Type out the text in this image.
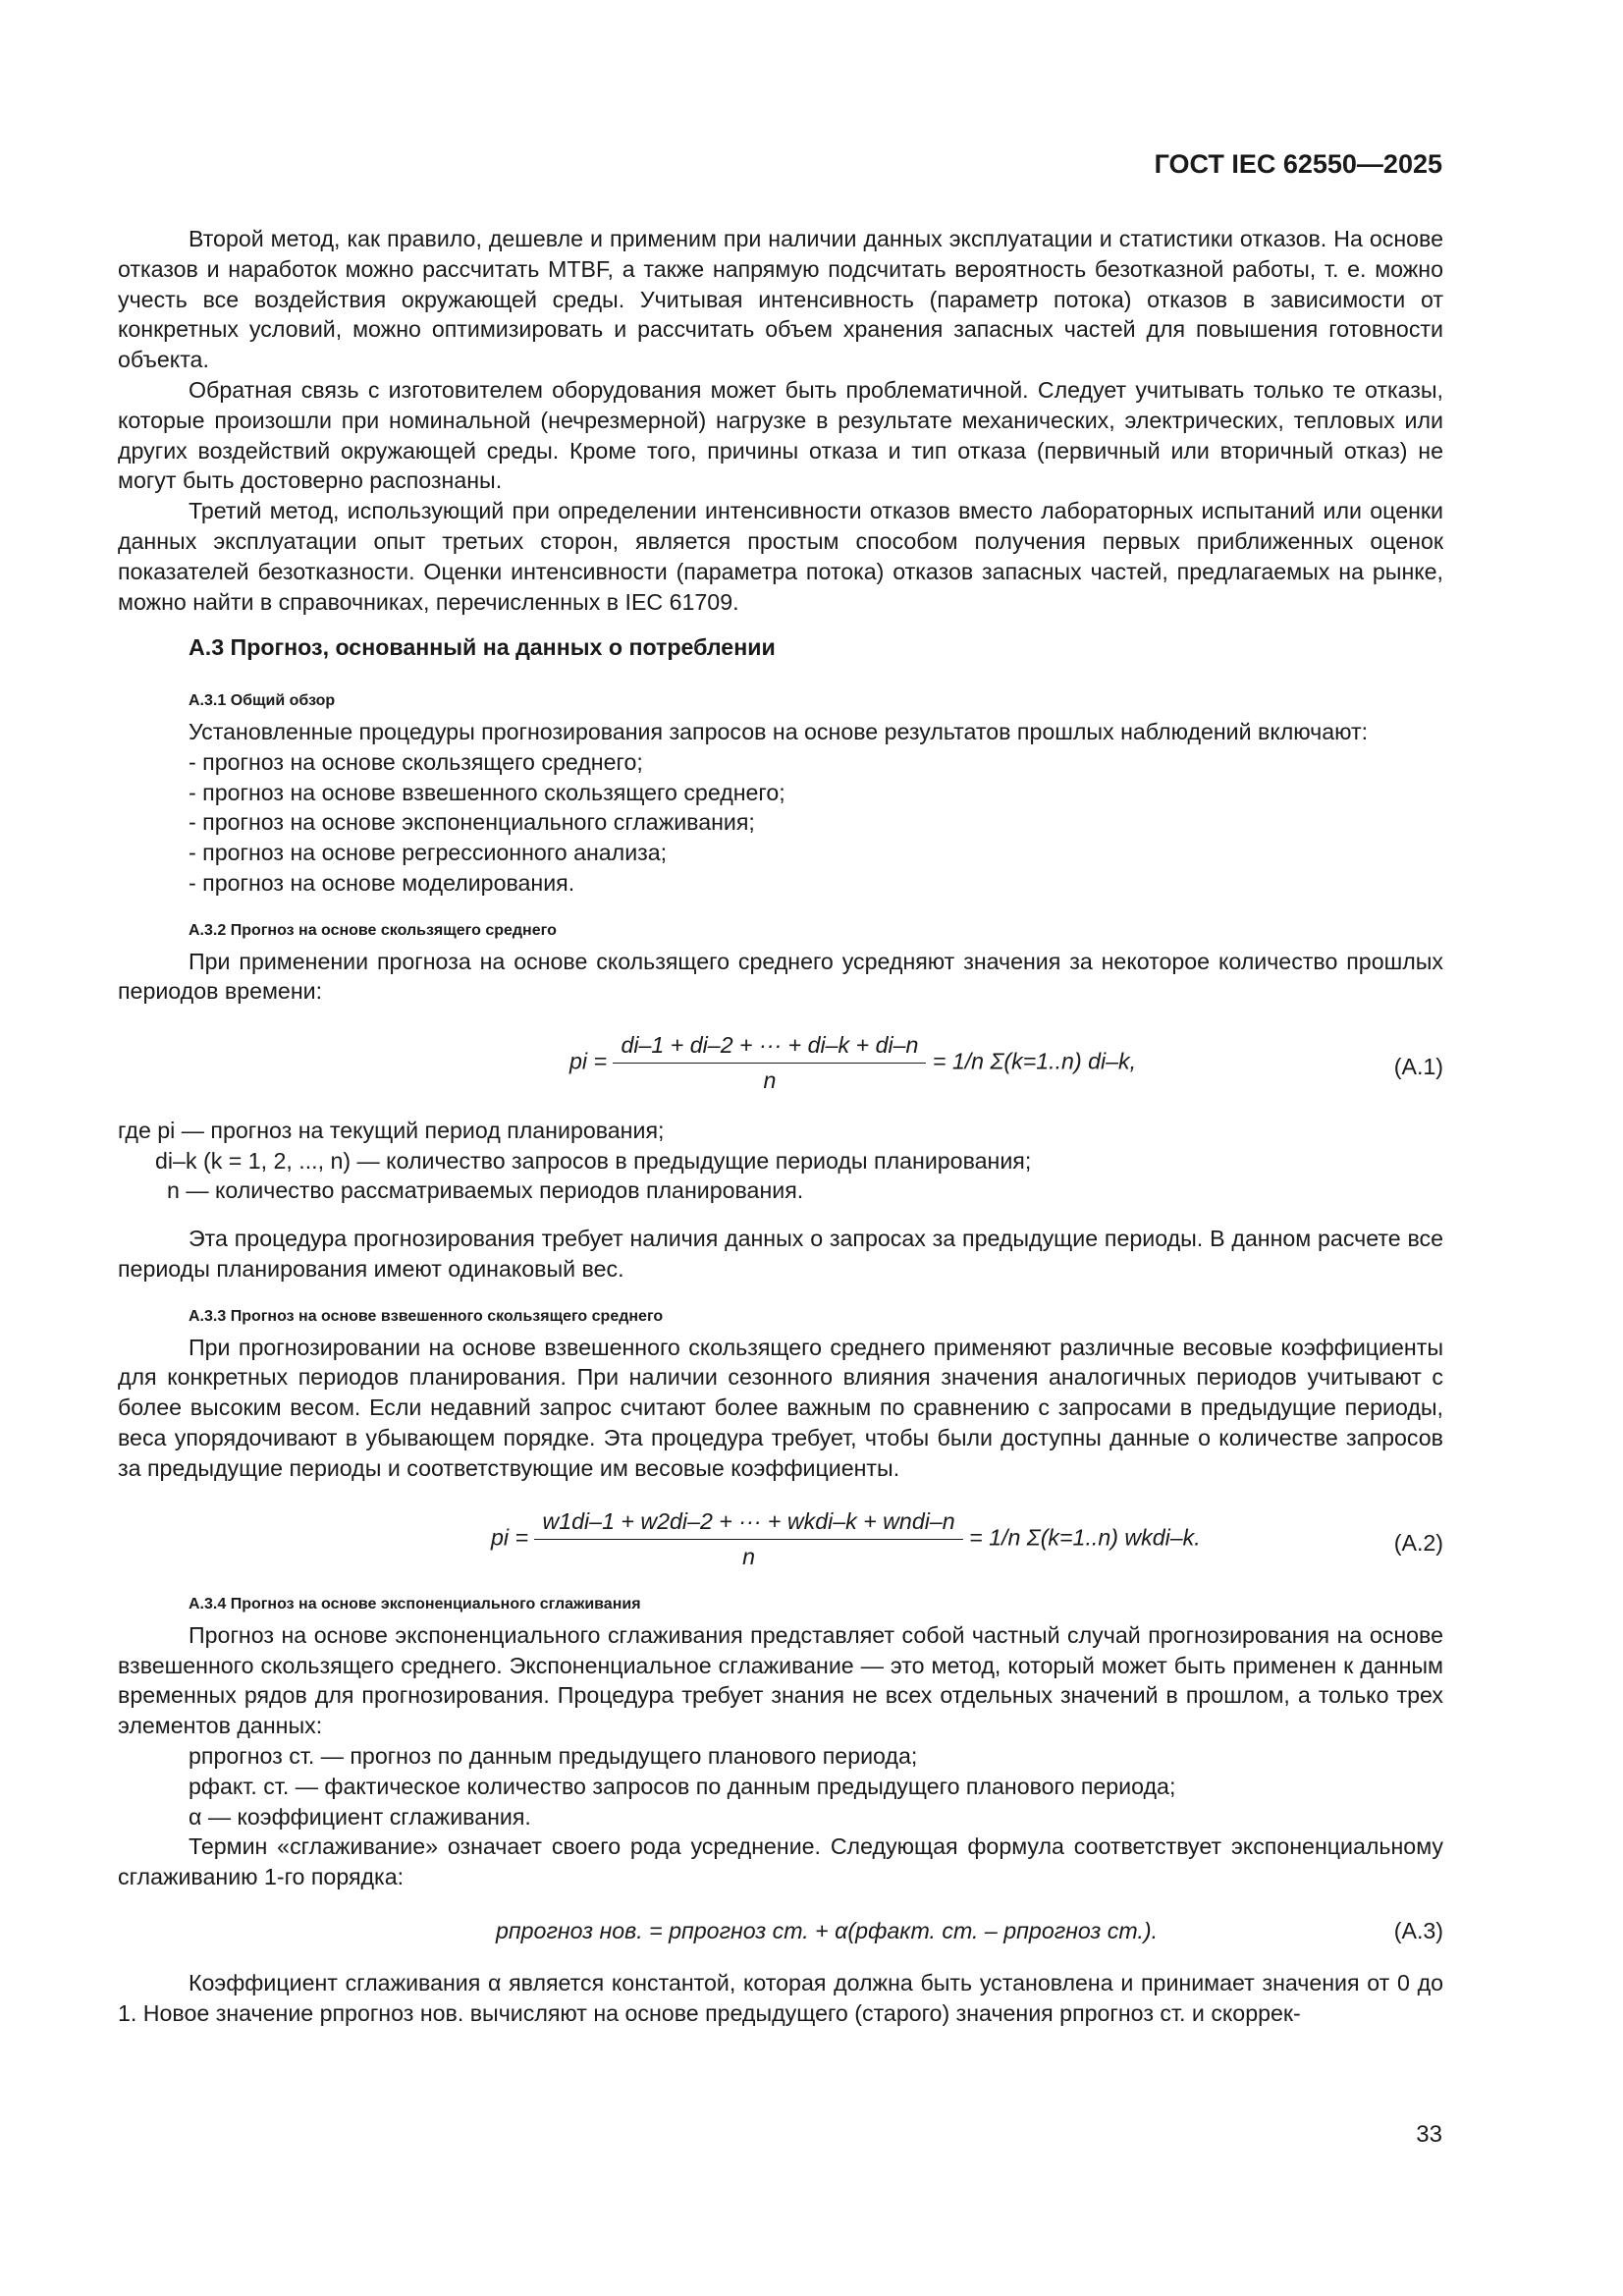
ГОСТ IEC 62550—2025

Второй метод, как правило, дешевле и применим при наличии данных эксплуатации и статистики отказов. На основе отказов и наработок можно рассчитать MTBF, а также напрямую подсчитать вероятность безотказной работы, т. е. можно учесть все воздействия окружающей среды. Учитывая интенсивность (параметр потока) отказов в зависимости от конкретных условий, можно оптимизировать и рассчитать объем хранения запасных частей для повышения готовности объекта.

Обратная связь с изготовителем оборудования может быть проблематичной. Следует учитывать только те отказы, которые произошли при номинальной (нечрезмерной) нагрузке в результате механических, электрических, тепловых или других воздействий окружающей среды. Кроме того, причины отказа и тип отказа (первичный или вторичный отказ) не могут быть достоверно распознаны.

Третий метод, использующий при определении интенсивности отказов вместо лабораторных испытаний или оценки данных эксплуатации опыт третьих сторон, является простым способом получения первых приближенных оценок показателей безотказности. Оценки интенсивности (параметра потока) отказов запасных частей, предлагаемых на рынке, можно найти в справочниках, перечисленных в IEC 61709.

А.3 Прогноз, основанный на данных о потреблении

А.3.1 Общий обзор

Установленные процедуры прогнозирования запросов на основе результатов прошлых наблюдений включают:

- прогноз на основе скользящего среднего;

- прогноз на основе взвешенного скользящего среднего;

- прогноз на основе экспоненциального сглаживания;

- прогноз на основе регрессионного анализа;

- прогноз на основе моделирования.

А.3.2 Прогноз на основе скользящего среднего

При применении прогноза на основе скользящего среднего усредняют значения за некоторое количество прошлых периодов времени:

pi = $\frac{di-1 + di-2 + \cdot\cdot\cdot + di-k + di-n}{n} = 1/n$ Σ(k=1..n) di–k,	(A.1)

где pi — прогноз на текущий период планирования;

di–k (k = 1, 2, ..., n) — количество запросов в предыдущие периоды планирования;

n — количество рассматриваемых периодов планирования.

Эта процедура прогнозирования требует наличия данных о запросах за предыдущие периоды. В данном расчете все периоды планирования имеют одинаковый вес.

А.3.3 Прогноз на основе взвешенного скользящего среднего

При прогнозировании на основе взвешенного скользящего среднего применяют различные весовые коэффициенты для конкретных периодов планирования. При наличии сезонного влияния значения аналогичных периодов учитывают с более высоким весом. Если недавний запрос считают более важным по сравнению с запросами в предыдущие периоды, веса упорядочивают в убывающем порядке. Эта процедура требует, чтобы были доступны данные о количестве запросов за предыдущие периоды и соответствующие им весовые коэффициенты.

pi = $\frac{\text{w1di–1 + w2di–2 + ··· + wkdi–k + wndi–n}}{n} = 1/n$ Σ(k=1..n) wkdi–k.	(A.2)

А.3.4 Прогноз на основе экспоненциального сглаживания

Прогноз на основе экспоненциального сглаживания представляет собой частный случай прогнозирования на основе взвешенного скользящего среднего. Экспоненциальное сглаживание — это метод, который может быть применен к данным временных рядов для прогнозирования. Процедура требует знания не всех отдельных значений в прошлом, а только трех элементов данных:

pпрогноз ст. — прогноз по данным предыдущего планового периода;

pфакт. ст. — фактическое количество запросов по данным предыдущего планового периода;

α — коэффициент сглаживания.

Термин «сглаживание» означает своего рода усреднение. Следующая формула соответствует экспоненциальному сглаживанию 1-го порядка:

pпрогноз нов. = pпрогноз ст. + α(pфакт. ст. – pпрогноз ст.).	(A.3)

Коэффициент сглаживания α является константой, которая должна быть установлена и принимает значения от 0 до 1. Новое значение pпрогноз нов. вычисляют на основе предыдущего (старого) значения pпрогноз ст. и скоррек-

33
